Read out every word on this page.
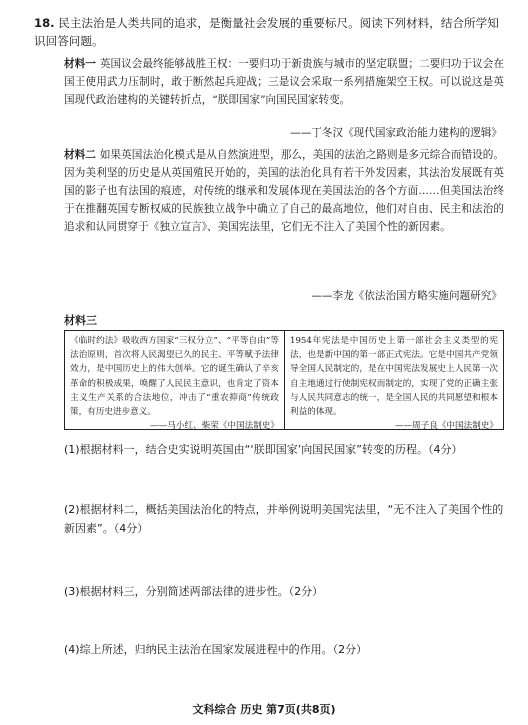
18. 民主法治是人类共同的追求，是衡量社会发展的重要标尺。阅读下列材料，结合所学知识回答问题。
材料一 英国议会最终能够战胜王权：一要归功于新贵族与城市的坚定联盟；二要归功于议会在国王使用武力压制时，敢于断然起兵迎战；三是议会采取一系列措施架空王权。可以说这是英国现代政治建构的关键转折点，“朕即国家”向国民国家转变。
——丁冬汉《现代国家政治能力建构的逻辑》
材料二 如果英国法治化模式是从自然演进型，那么，美国的法治之路则是多元综合而错设的。因为美利坚的历史是从英国殖民开始的，美国的法治化具有若干外发因素，其法治发展既有英国的影子也有法国的痕迹，对传统的继承和发展体现在美国法治的各个方面……但美国法治终于在推翻英国专断权威的民族独立战争中确立了自己的最高地位，他们对自由、民主和法治的追求和认同贯穿于《独立宣言》、美国宪法里，它们无不注入了美国个性的新因素。
——李龙《依法治国方略实施问题研究》
材料三
《临时约法》吸收西方国家“三权分立”、“平等自由”等法治原则，首次将人民渴望已久的民主、平等赋予法律效力，是中国历史上的伟大创举。它的诞生确认了辛亥革命的积极成果，唤醒了人民民主意识，也肯定了资本主义生产关系的合法地位，冲击了“重农抑商”传统政策，有历史进步意义。
——马小红、柴荣《中国法制史》
1954年宪法是中国历史上第一部社会主义类型的宪法，也是新中国的第一部正式宪法。它是中国共产党领导全国人民制定的，是在中国宪法发展史上人民第一次自主地通过行使制宪权而制定的，实现了党的正确主张与人民共同意志的统一，是全国人民的共同愿望和根本利益的体现。
——周子良《中国法制史》
(1)根据材料一，结合史实说明英国由“‘朕即国家’向国民国家”转变的历程。（4分）
(2)根据材料二，概括美国法治化的特点，并举例说明美国宪法里，“无不注入了美国个性的新因素”。（4分）
(3)根据材料三，分别简述两部法律的进步性。（2分）
(4)综上所述，归纳民主法治在国家发展进程中的作用。（2分）
文科综合 历史 第7页(共8页)
